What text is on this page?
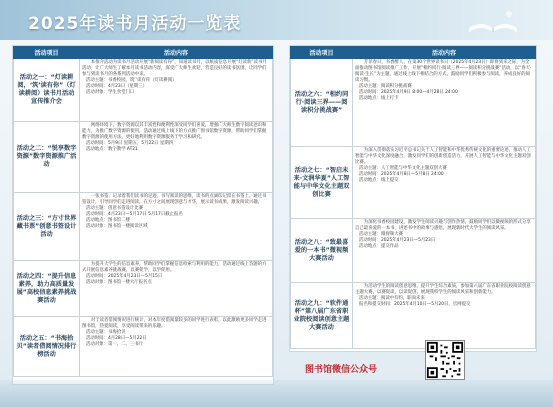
2025年读书月活动一览表
活动项目	活动内容
活动之一：“灯读耕阅，‘筑’读有你”（灯读耕阅）读书月活动宣传推介会	本推介活动为读书月活动开展“新阅读有你”，知道读书月，以纸质信息开展“灯读新”读书月活动，让广大师生了解本月读书活动内容，深受广大师生欢迎，营造良好的读书氛围，让同学们参与到读书月的各系列活动中来。
活动主题：书香校园，筑‘’读有你（灯读耕阅）
活动时间：4月23日（星期三）
活动对象：学生食堂门口

活动之二：“悦享数字资源”数字资源推广活动	网络环境下，数字资源以其丰富性和便利性深受同学们喜爱，增强广大师生数字阅读意识和能力，为推广数字资源的使用，活动通过线上线下的方式推广图书馆数字资源，帮助同学们掌握数字资源的使用方法，更好地利用数字资源服务于学习和研究。
活动时间：5月9日 星期五，5月22日 星期四
活动地点：数字教学 AT21

活动之三：“方寸世界藏书票”创意书签设计活动	一张书签，记录着我们读书的足迹，书写阅读的思维，读书的点滴印记留在书签上。通过书签设计，引导同学们走进阅读，在方寸之间展现创意与才华，展示读书成果，激发阅读兴趣。
活动主题：创意书签设计比赛
活动时间：4月23日—5月17日 5月17日截止报名
活动地点：图书馆二楼
活动对象：图书馆一楼阅读区域

活动之四：“提升信息素养，助力高质量发展”高校信息素养挑战赛活动	为提升大学生的信息素养，帮助同学们掌握信息检索与利用的能力，活动通过线上答题的方式开展信息素养挑战赛，以赛促学，以学促用。
活动时间：2025年4月23日—5月15日
活动对象：图书馆一楼大厅报名点

活动之五：“书海拾贝”读者借阅情况排行榜活动	对于读者借阅情况进行统计，对本年度借阅量较多的同学进行表彰，以此激励更多同学走进图书馆，热爱阅读，享受阅读带来的乐趣。
活动主题：书海拾贝
活动时间：4月28日—5月22日
活动对象：第一、二、三书厅
活动项目	活动内容
活动之六：“相约同行·阅读三界——阅读积分挑战赛”	芳菲春日，书香醉人，在第30个世界读书日（2025年4月23日）即将到来之际，为全面推动图书馆阅读推广工作，开展“相约同行·阅读三界——阅读积分挑战赛”活动，以“春天·阅读·生长”为主题，通过线上线下相结合的方式，鼓励同学们积极参与阅读，养成良好的阅读习惯。
活动主题：阅读积分挑战赛
活动时间：2025年4月9日 8:00—4月28日 24:00
活动地点：线上打卡

活动之七：“智启未来·文润华夏”人工智能与中华文化主题双创比赛	为深入贯彻落实习近平总书记关于人工智能和中华优秀传统文化的重要论述，推动人工智能与中华文化深度融合，激发同学们的创新创造活力，开展人工智能与中华文化主题双创比赛。
活动主题：人工智能与中华文化主题双创大赛
活动时间：2025年4月8日—5月8日 24:00
活动地点：线上提交

活动之八：“致最喜爱的一本书”微视频大赛活动	为深化书香校园建设，激发学生阅读兴趣与创作热情，鼓励同学们以微视频的形式分享自己最喜爱的一本书，讲述书中的故事与感悟，展现新时代大学生的阅读风采。
活动主题：微视频大赛
活动时间：2025年4月23日—5月23日
活动地点：提交作品

活动之九：“软件通杯”第八届广东省职业院校阅读创意主题大赛活动	为活动学生的阅读创意思维，提升学生综合素质，参加第八届广东省职业院校阅读创意主题大赛，以赛促读，以读促创，展现我校学生的阅读风采和创新能力。
活动主题：阅读中有约，职尚未来
报名和提交时间：2025年4月10日—5月20日，官网提交
图书馆微信公众号
